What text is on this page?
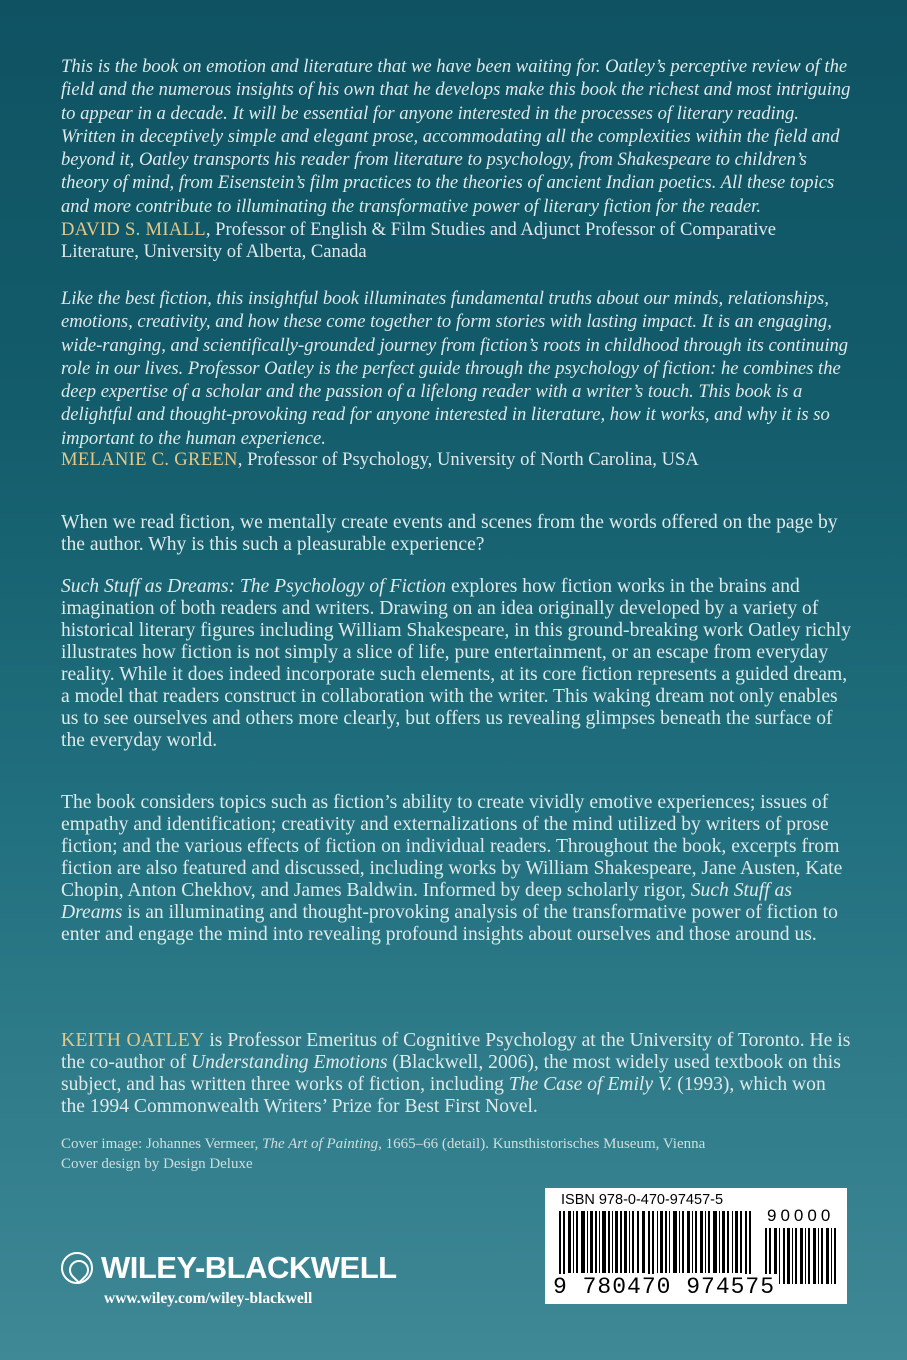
This is the book on emotion and literature that we have been waiting for. Oatley’s perceptive review of the field and the numerous insights of his own that he develops make this book the richest and most intriguing to appear in a decade. It will be essential for anyone interested in the processes of literary reading. Written in deceptively simple and elegant prose, accommodating all the complexities within the field and beyond it, Oatley transports his reader from literature to psychology, from Shakespeare to children’s theory of mind, from Eisenstein’s film practices to the theories of ancient Indian poetics. All these topics and more contribute to illuminating the transformative power of literary fiction for the reader.
DAVID S. MIALL, Professor of English & Film Studies and Adjunct Professor of Comparative Literature, University of Alberta, Canada
Like the best fiction, this insightful book illuminates fundamental truths about our minds, relationships, emotions, creativity, and how these come together to form stories with lasting impact. It is an engaging, wide-ranging, and scientifically-grounded journey from fiction’s roots in childhood through its continuing role in our lives. Professor Oatley is the perfect guide through the psychology of fiction: he combines the deep expertise of a scholar and the passion of a lifelong reader with a writer’s touch. This book is a delightful and thought-provoking read for anyone interested in literature, how it works, and why it is so important to the human experience.
MELANIE C. GREEN, Professor of Psychology, University of North Carolina, USA
When we read fiction, we mentally create events and scenes from the words offered on the page by the author. Why is this such a pleasurable experience?
Such Stuff as Dreams: The Psychology of Fiction explores how fiction works in the brains and imagination of both readers and writers. Drawing on an idea originally developed by a variety of historical literary figures including William Shakespeare, in this ground-breaking work Oatley richly illustrates how fiction is not simply a slice of life, pure entertainment, or an escape from everyday reality. While it does indeed incorporate such elements, at its core fiction represents a guided dream, a model that readers construct in collaboration with the writer. This waking dream not only enables us to see ourselves and others more clearly, but offers us revealing glimpses beneath the surface of the everyday world.
The book considers topics such as fiction’s ability to create vividly emotive experiences; issues of empathy and identification; creativity and externalizations of the mind utilized by writers of prose fiction; and the various effects of fiction on individual readers. Throughout the book, excerpts from fiction are also featured and discussed, including works by William Shakespeare, Jane Austen, Kate Chopin, Anton Chekhov, and James Baldwin. Informed by deep scholarly rigor, Such Stuff as Dreams is an illuminating and thought-provoking analysis of the transformative power of fiction to enter and engage the mind into revealing profound insights about ourselves and those around us.
KEITH OATLEY is Professor Emeritus of Cognitive Psychology at the University of Toronto. He is the co-author of Understanding Emotions (Blackwell, 2006), the most widely used textbook on this subject, and has written three works of fiction, including The Case of Emily V. (1993), which won the 1994 Commonwealth Writers’ Prize for Best First Novel.
Cover image: Johannes Vermeer, The Art of Painting, 1665–66 (detail). Kunsthistorisches Museum, Vienna
Cover design by Design Deluxe
WILEY-BLACKWELL
www.wiley.com/wiley-blackwell
ISBN 978-0-470-97457-5
90000
9 780470 974575
